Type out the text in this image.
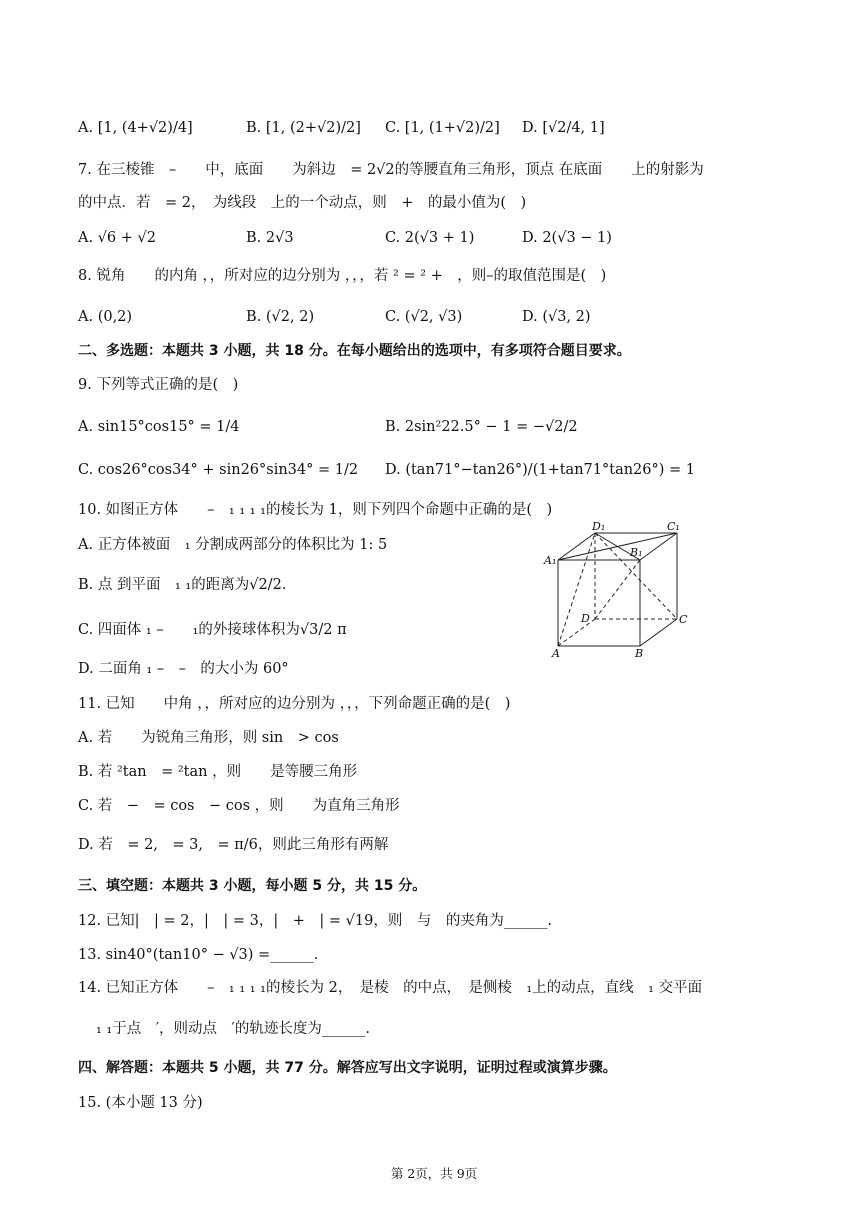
A. [1, (4+√2)/4]	B. [1, (2+√2)/2] C. [1, (1+√2)/2] D. [√2/4, 1]
7. 在三棱锥　–　　中，底面　　为斜边　= 2√2的等腰直角三角形，顶点 在底面　　上的射影为
的中点．若　= 2，　为线段　上的一个动点，则　+　的最小值为(　)
A. √6 + √2	B. 2√3	C. 2(√3 + 1)	D. 2(√3 − 1)
8. 锐角　　的内角 ，，所对应的边分别为 ，，，若 ² = ² +　，则–的取值范围是(　)
A. (0,2)	B. (√2, 2)	C. (√2, √3)	D. (√3, 2)
二、多选题：本题共 3 小题，共 18 分。在每小题给出的选项中，有多项符合题目要求。
9. 下列等式正确的是(　)
A. sin15°cos15° = 1/4	B. 2sin²22.5° − 1 = −√2/2
C. cos26°cos34° + sin26°sin34° = 1/2 D. (tan71°−tan26°)/(1+tan71°tan26°) = 1
10. 如图正方体　　–　₁ ₁ ₁ ₁的棱长为 1，则下列四个命题中正确的是(　)
A. 正方体被面　₁ 分割成两部分的体积比为 1: 5
B. 点 到平面　₁ ₁的距离为√2/2.
C. 四面体 ₁ –　　₁的外接球体积为√3/2 π
D. 二面角 ₁ –　–　的大小为 60°
D₁	C₁
A₁
B₁
D	C
A	B
11. 已知　　中角 ，，所对应的边分别为 ，，，下列命题正确的是(　)
A. 若　　为锐角三角形，则 sin　> cos
B. 若 ²tan　= ²tan ，则　　是等腰三角形
C. 若　−　= cos　− cos ，则　　为直角三角形
D. 若　= 2,　= 3,　= π/6，则此三角形有两解
三、填空题：本题共 3 小题，每小题 5 分，共 15 分。
12. 已知|　| = 2，|　| = 3，|　+　| = √19，则　与　的夹角为______.
13. sin40°(tan10° − √3) =______.
14. 已知正方体　　–　₁ ₁ ₁ ₁的棱长为 2，　是棱　的中点，　是侧棱　₁上的动点，直线　₁ 交平面
₁ ₁于点　′，则动点　′的轨迹长度为______.
四、解答题：本题共 5 小题，共 77 分。解答应写出文字说明，证明过程或演算步骤。
15. (本小题 13 分)
第 2页，共 9页
